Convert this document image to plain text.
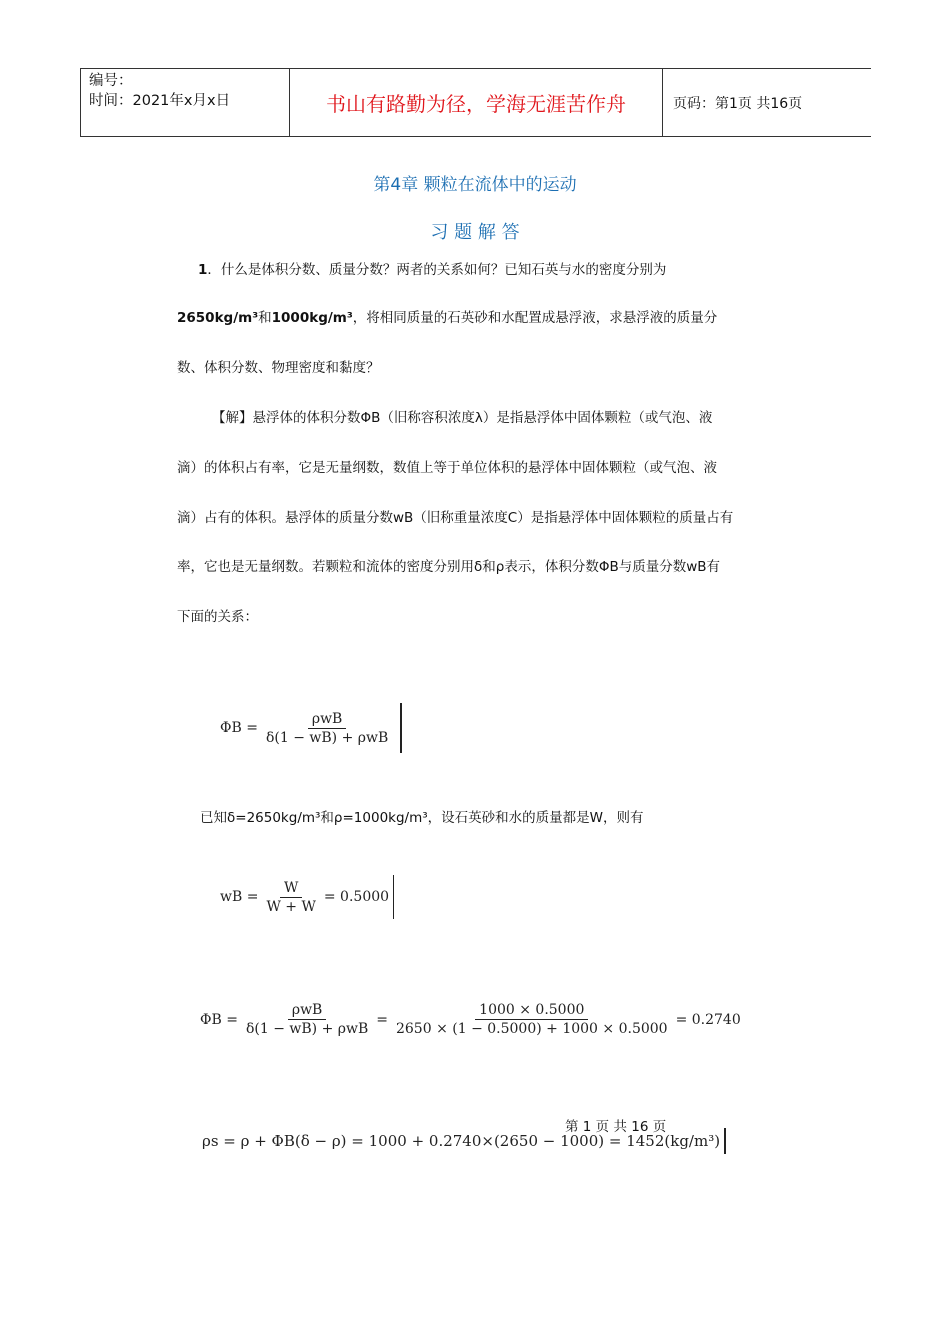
编号：
时间：2021年x月x日	书山有路勤为径，学海无涯苦作舟	页码：第1页 共16页
第4章 颗粒在流体中的运动
习 题 解 答
1．什么是体积分数、质量分数？两者的关系如何？已知石英与水的密度分别为
2650kg/m³和1000kg/m³，将相同质量的石英砂和水配置成悬浮液，求悬浮液的质量分
数、体积分数、物理密度和黏度？
【解】悬浮体的体积分数ΦB（旧称容积浓度λ）是指悬浮体中固体颗粒（或气泡、液
滴）的体积占有率，它是无量纲数，数值上等于单位体积的悬浮体中固体颗粒（或气泡、液
滴）占有的体积。悬浮体的质量分数wB（旧称重量浓度C）是指悬浮体中固体颗粒的质量占有
率，它也是无量纲数。若颗粒和流体的密度分别用δ和ρ表示，体积分数ΦB与质量分数wB有
下面的关系：
$\Phi B = \frac{\text{ρwB}}{\text{δ(1 − wB) + ρwB}}$
已知δ=2650kg/m³和ρ=1000kg/m³，设石英砂和水的质量都是W，则有
wB = $\frac{W}{W + W} = 0.5000$
$\Phi B = \frac{\text{ρwB}}{\text{δ(1 − wB) + ρwB}} = \frac{1000 \times 0.5000}{2650 \times (1 - 0.5000) + 1000 \times 0.5000} = 0.2740$
第 1 页 共 16 页
ρs = ρ + ΦB(δ − ρ) = 1000 + 0.2740×(2650 − 1000) = 1452(kg/m³)
